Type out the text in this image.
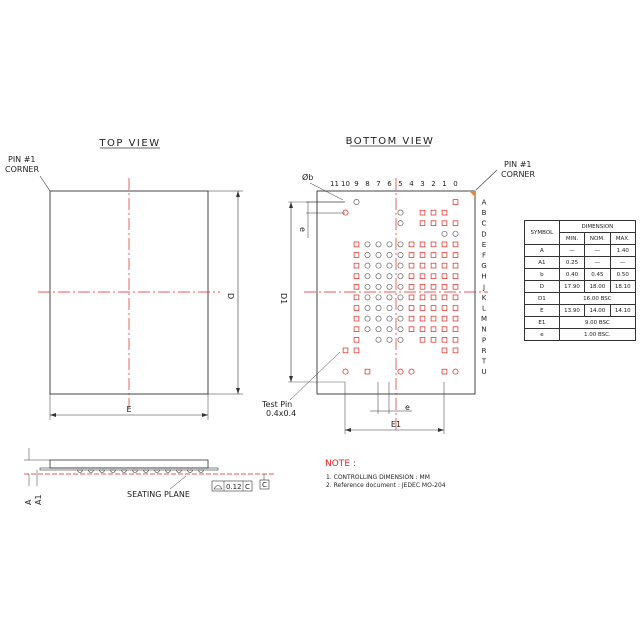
TOP VIEW
PIN #1
CORNER
D
E
BOTTOM VIEW
PIN #1
CORNER
11 10 9 8 7 6 5 4 3 2 1 0
A
B
C
D
E
F
G
H
J
K
L
M
N
P
R
T
U
Øb
e
D1
Test Pin
0.4x0.4
e
E1
A A1	SEATING PLANE
0.12 C C
NOTE :
1. CONTROLLING DIMENSION : MM
2. Reference document : JEDEC MO-204
SYMBOL	DIMENSION		
	MIN.	NOM.	MAX.
A	—	—	1.40
A1	0.25	—	—
b	0.40	0.45	0.50
D	17.90	18.00	18.10
D1	16.00 BSC		
E	13.90	14.00	14.10
E1	9.00 BSC		
e	1.00 BSC.		
